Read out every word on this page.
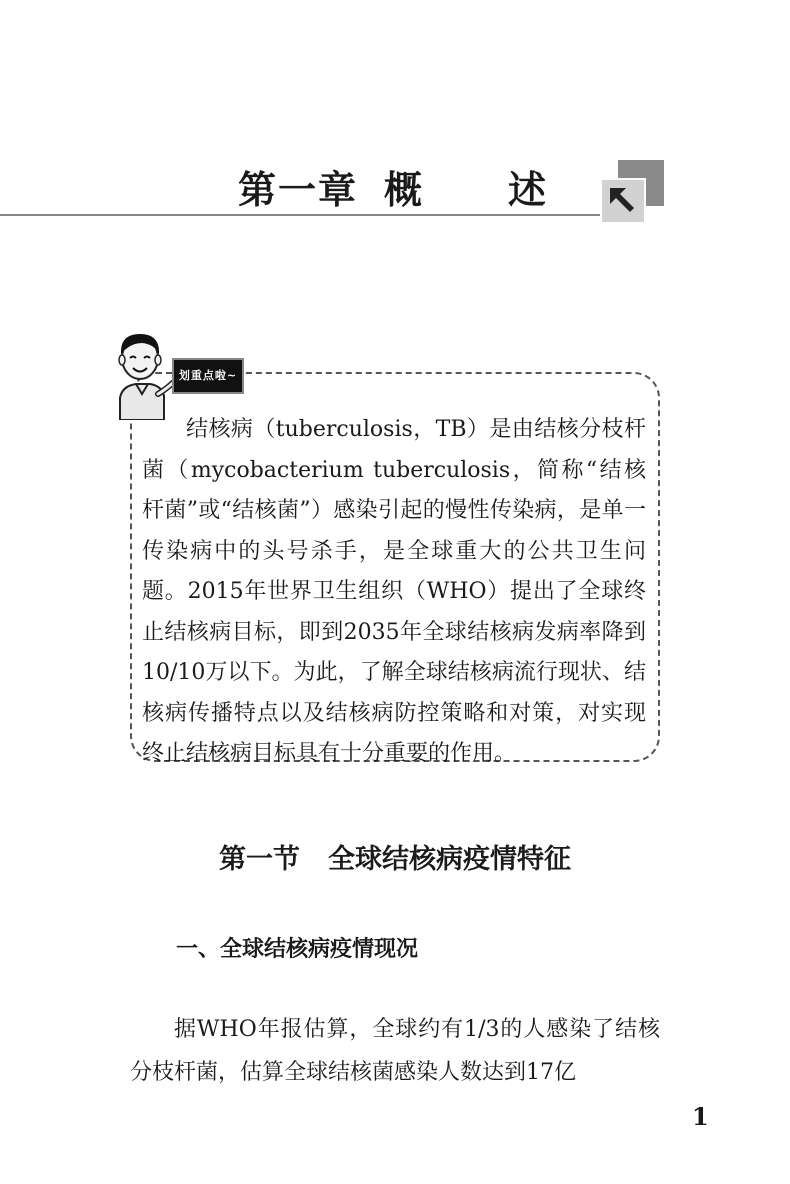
第一章 概 述
划重点啦~

结核病（tuberculosis，TB）是由结核分枝杆菌（mycobacterium tuberculosis，简称“结核杆菌”或“结核菌”）感染引起的慢性传染病，是单一传染病中的头号杀手，是全球重大的公共卫生问题。2015年世界卫生组织（WHO）提出了全球终止结核病目标，即到2035年全球结核病发病率降到10/10万以下。为此，了解全球结核病流行现状、结核病传播特点以及结核病防控策略和对策，对实现终止结核病目标具有十分重要的作用。

第一节 全球结核病疫情特征
一、全球结核病疫情现况

据WHO年报估算，全球约有1/3的人感染了结核分枝杆菌，估算全球结核菌感染人数达到17亿

1
